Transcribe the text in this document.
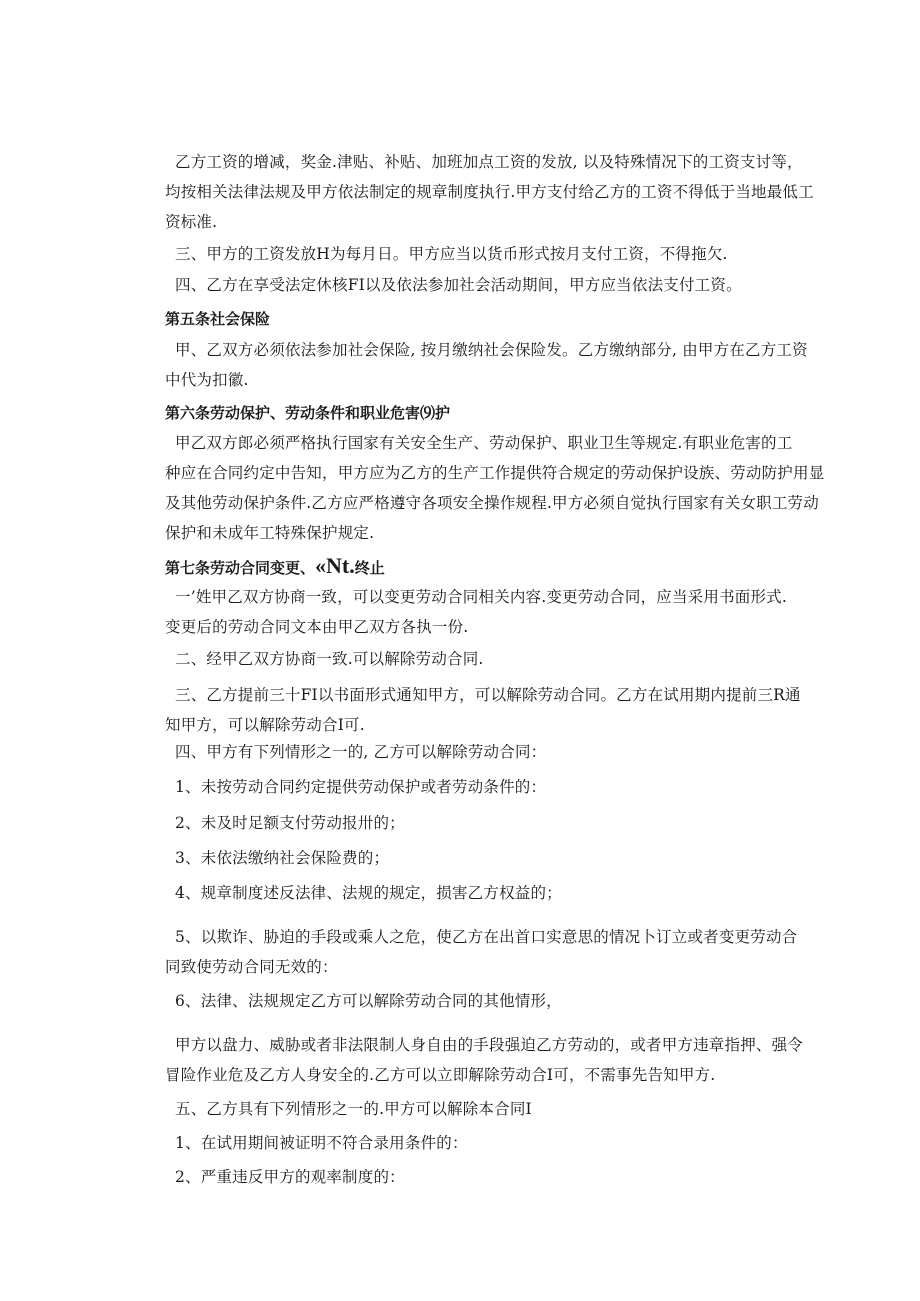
乙方工资的增减，奖金.津贴、补贴、加班加点工资的发放, 以及特殊情况下的工资支讨等，
均按相关法律法规及甲方依法制定的规章制度执行.甲方支付给乙方的工资不得低于当地最低工
资标准.
三、甲方的工资发放H为每月日。甲方应当以货币形式按月支付工资，不得拖欠.
四、乙方在享受法定休核FI以及依法参加社会活动期间，甲方应当依法支付工资。
第五条社会保险
甲、乙双方必须依法参加社会保险, 按月缴纳社会保险发。乙方缴纳部分, 由甲方在乙方工资
中代为扣徽.
第六条劳动保护、劳动条件和职业危害⑼护
甲乙双方郎必须严格执行国家有关安全生产、劳动保护、职业卫生等规定.有职业危害的工
种应在合同约定中告知，甲方应为乙方的生产工作提供符合规定的劳动保护设族、劳动防护用显
及其他劳动保护条件.乙方应严格遵守各项安全操作规程.甲方必须自觉执行国家有关女职工劳动
保护和未成年工特殊保护规定.
第七条劳动合同变更、«Nt.终止
一’姓甲乙双方协商一致，可以变更劳动合同相关内容.变更劳动合同，应当采用书面形式.
变更后的劳动合同文本由甲乙双方各执一份.
二、经甲乙双方协商一致.可以解除劳动合同.
三、乙方提前三十FI以书面形式通知甲方，可以解除劳动合同。乙方在试用期内提前三R通
知甲方，可以解除劳动合I可.
四、甲方有下列情形之一的, 乙方可以解除劳动合同：
1、未按劳动合同约定提供劳动保护或者劳动条件的：
2、未及时足额支付劳动报卅的；
3、未依法缴纳社会保险费的；
4、规章制度述反法律、法规的规定，损害乙方权益的；
5、以欺诈、胁迫的手段或乘人之危，使乙方在出首口实意思的情况卜订立或者变更劳动合
同致使劳动合同无效的：
6、法律、法规规定乙方可以解除劳动合同的其他情形，
甲方以盘力、威胁或者非法限制人身自由的手段强迫乙方劳动的，或者甲方违章指押、强令
冒险作业危及乙方人身安全的.乙方可以立即解除劳动合I可，不需事先告知甲方.
五、乙方具有下列情形之一的.甲方可以解除本合同I
1、在试用期间被证明不符合录用条件的：
2、严重违反甲方的观率制度的：
